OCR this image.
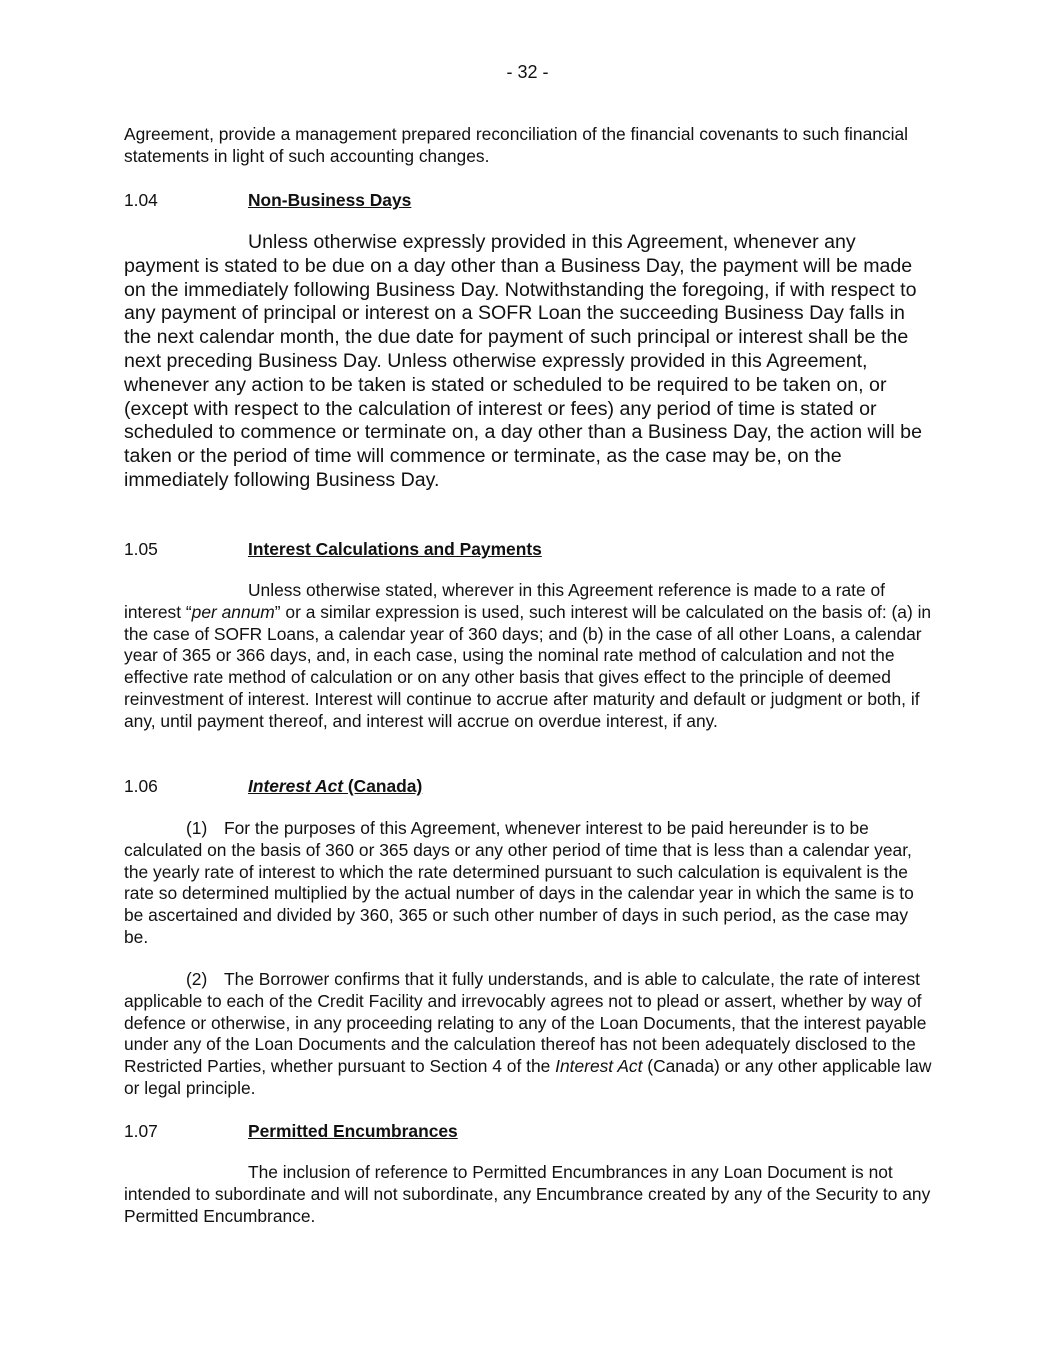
- 32 -

Agreement, provide a management prepared reconciliation of the financial covenants to such financial statements in light of such accounting changes.

1.04	Non-Business Days

Unless otherwise expressly provided in this Agreement, whenever any payment is stated to be due on a day other than a Business Day, the payment will be made on the immediately following Business Day. Notwithstanding the foregoing, if with respect to any payment of principal or interest on a SOFR Loan the succeeding Business Day falls in the next calendar month, the due date for payment of such principal or interest shall be the next preceding Business Day. Unless otherwise expressly provided in this Agreement, whenever any action to be taken is stated or scheduled to be required to be taken on, or (except with respect to the calculation of interest or fees) any period of time is stated or scheduled to commence or terminate on, a day other than a Business Day, the action will be taken or the period of time will commence or terminate, as the case may be, on the immediately following Business Day.

1.05	Interest Calculations and Payments

Unless otherwise stated, wherever in this Agreement reference is made to a rate of interest “per annum” or a similar expression is used, such interest will be calculated on the basis of: (a) in the case of SOFR Loans, a calendar year of 360 days; and (b) in the case of all other Loans, a calendar year of 365 or 366 days, and, in each case, using the nominal rate method of calculation and not the effective rate method of calculation or on any other basis that gives effect to the principle of deemed reinvestment of interest. Interest will continue to accrue after maturity and default or judgment or both, if any, until payment thereof, and interest will accrue on overdue interest, if any.

1.06	Interest Act (Canada)

(1) For the purposes of this Agreement, whenever interest to be paid hereunder is to be calculated on the basis of 360 or 365 days or any other period of time that is less than a calendar year, the yearly rate of interest to which the rate determined pursuant to such calculation is equivalent is the rate so determined multiplied by the actual number of days in the calendar year in which the same is to be ascertained and divided by 360, 365 or such other number of days in such period, as the case may be.

(2) The Borrower confirms that it fully understands, and is able to calculate, the rate of interest applicable to each of the Credit Facility and irrevocably agrees not to plead or assert, whether by way of defence or otherwise, in any proceeding relating to any of the Loan Documents, that the interest payable under any of the Loan Documents and the calculation thereof has not been adequately disclosed to the Restricted Parties, whether pursuant to Section 4 of the Interest Act (Canada) or any other applicable law or legal principle.

1.07	Permitted Encumbrances

The inclusion of reference to Permitted Encumbrances in any Loan Document is not intended to subordinate and will not subordinate, any Encumbrance created by any of the Security to any Permitted Encumbrance.
